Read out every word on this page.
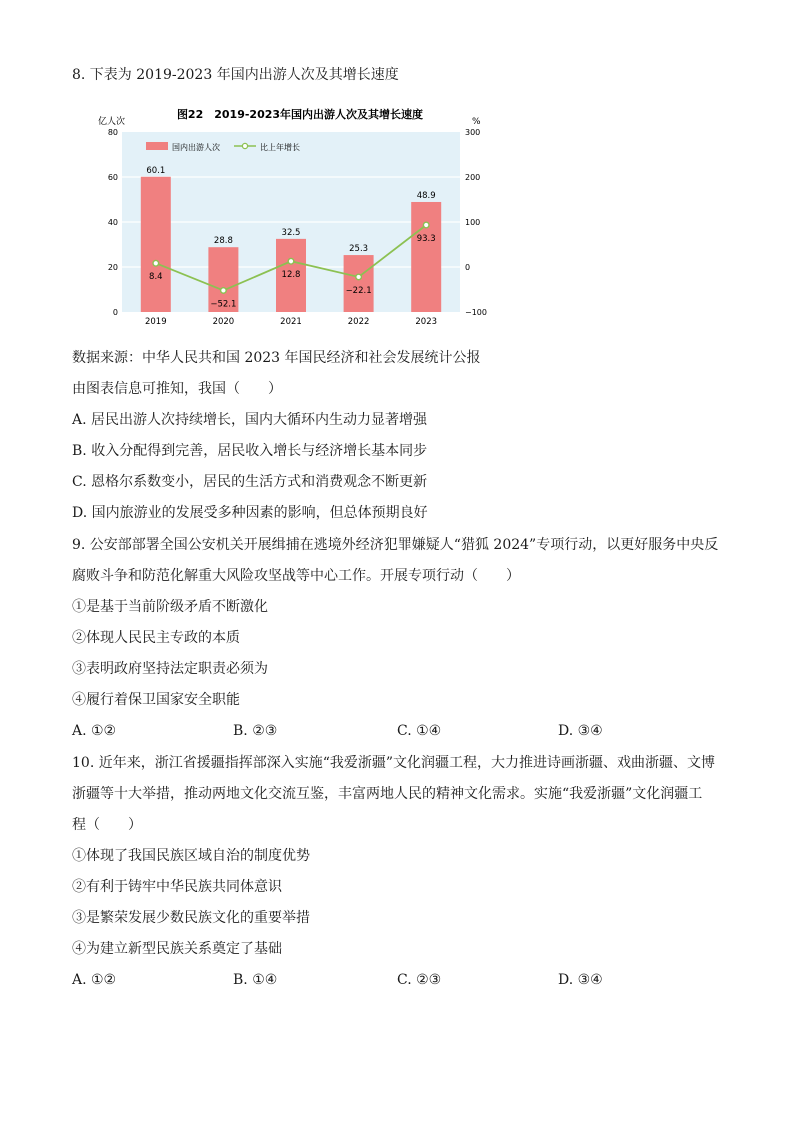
8. 下表为 2019-2023 年国内出游人次及其增长速度
图22　2019-2023年国内出游人次及其增长速度
亿人次	%
0
20
40
60
80
−100
0
100
200
300
60.1
28.8
32.5
25.3
48.9
8.4
−52.1
12.8
−22.1
93.3
2019	2020	2021	2022	2023
国内出游人次	比上年增长
数据来源：中华人民共和国 2023 年国民经济和社会发展统计公报
由图表信息可推知，我国（　　）
A. 居民出游人次持续增长，国内大循环内生动力显著增强
B. 收入分配得到完善，居民收入增长与经济增长基本同步
C. 恩格尔系数变小，居民的生活方式和消费观念不断更新
D. 国内旅游业的发展受多种因素的影响，但总体预期良好
9. 公安部部署全国公安机关开展缉捕在逃境外经济犯罪嫌疑人“猎狐 2024”专项行动，以更好服务中央反
腐败斗争和防范化解重大风险攻坚战等中心工作。开展专项行动（　　）
①是基于当前阶级矛盾不断激化
②体现人民民主专政的本质
③表明政府坚持法定职责必须为
④履行着保卫国家安全职能
A. ①②	B. ②③	C. ①④	D. ③④
10. 近年来，浙江省援疆指挥部深入实施“我爱浙疆”文化润疆工程，大力推进诗画浙疆、戏曲浙疆、文博
浙疆等十大举措，推动两地文化交流互鉴，丰富两地人民的精神文化需求。实施“我爱浙疆”文化润疆工
程（　　）
①体现了我国民族区域自治的制度优势
②有利于铸牢中华民族共同体意识
③是繁荣发展少数民族文化的重要举措
④为建立新型民族关系奠定了基础
A. ①②	B. ①④	C. ②③	D. ③④
